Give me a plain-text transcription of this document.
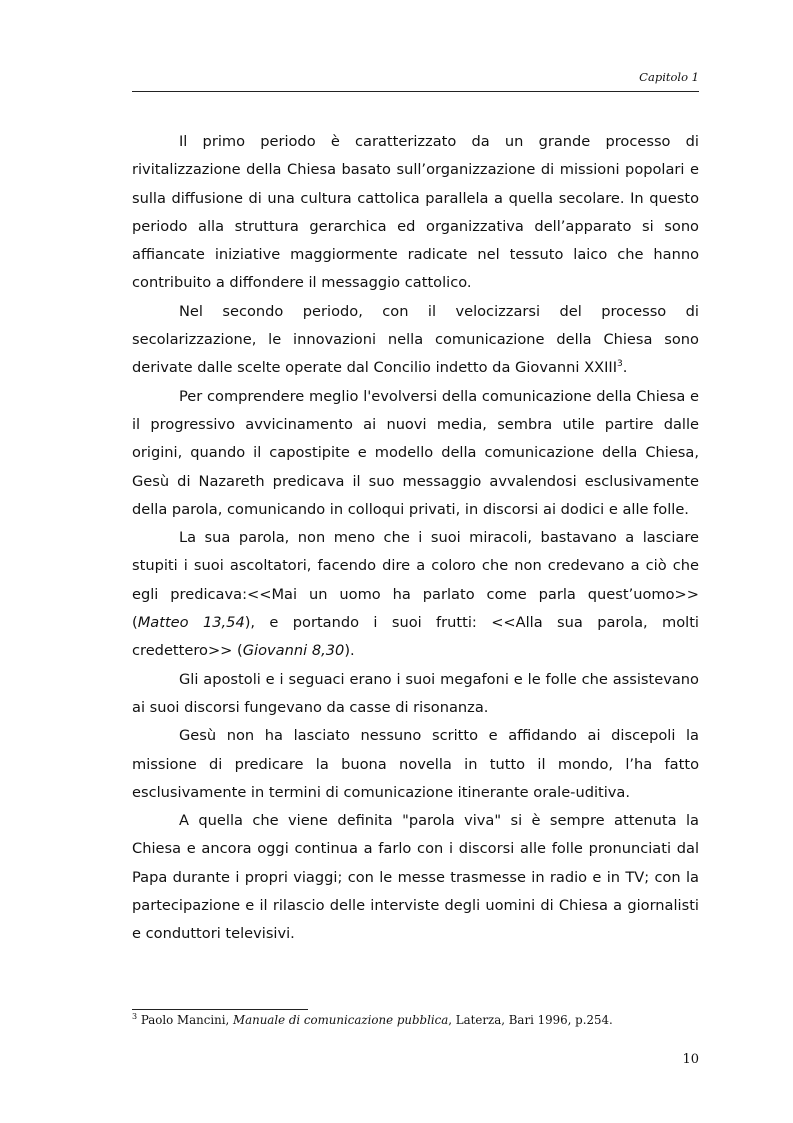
Capitolo 1

Il primo periodo è caratterizzato da un grande processo di rivitalizzazione della Chiesa basato sull’organizzazione di missioni popolari e sulla diffusione di una cultura cattolica parallela a quella secolare. In questo periodo alla struttura gerarchica ed organizzativa dell’apparato si sono affiancate iniziative maggiormente radicate nel tessuto laico che hanno contribuito a diffondere il messaggio cattolico.

Nel secondo periodo, con il velocizzarsi del processo di secolarizzazione, le innovazioni nella comunicazione della Chiesa sono derivate dalle scelte operate dal Concilio indetto da Giovanni XXIII$^3$.

Per comprendere meglio l'evolversi della comunicazione della Chiesa e il progressivo avvicinamento ai nuovi media, sembra utile partire dalle origini, quando il capostipite e modello della comunicazione della Chiesa, Gesù di Nazareth predicava il suo messaggio avvalendosi esclusivamente della parola, comunicando in colloqui privati, in discorsi ai dodici e alle folle.

La sua parola, non meno che i suoi miracoli, bastavano a lasciare stupiti i suoi ascoltatori, facendo dire a coloro che non credevano a ciò che egli predicava:<<Mai un uomo ha parlato come parla quest’uomo>> (Matteo 13,54), e portando i suoi frutti: <<Alla sua parola, molti credettero>> (Giovanni 8,30).

Gli apostoli e i seguaci erano i suoi megafoni e le folle che assistevano ai suoi discorsi fungevano da casse di risonanza.

Gesù non ha lasciato nessuno scritto e affidando ai discepoli la missione di predicare la buona novella in tutto il mondo, l’ha fatto esclusivamente in termini di comunicazione itinerante orale-uditiva.

A quella che viene definita "parola viva" si è sempre attenuta la Chiesa e ancora oggi continua a farlo con i discorsi alle folle pronunciati dal Papa durante i propri viaggi; con le messe trasmesse in radio e in TV; con la partecipazione e il rilascio delle interviste degli uomini di Chiesa a giornalisti e conduttori televisivi.

$^3$ Paolo Mancini, Manuale di comunicazione pubblica, Laterza, Bari 1996, p.254.
10
